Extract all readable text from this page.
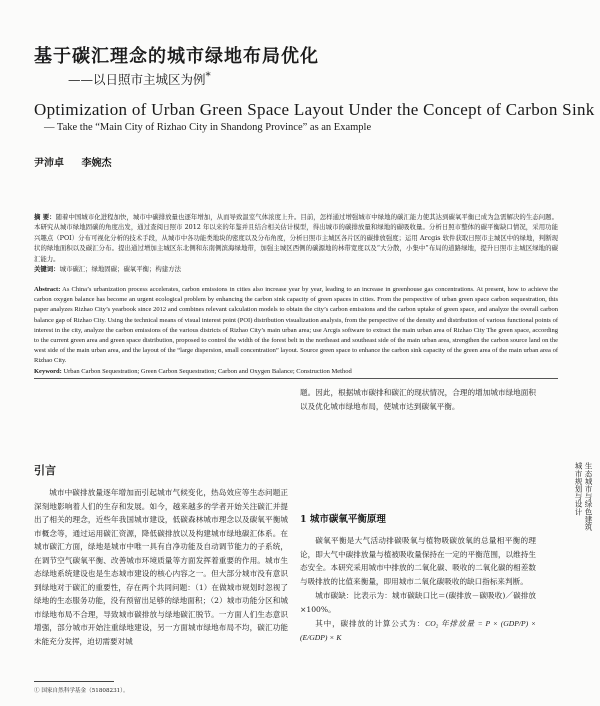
基于碳汇理念的城市绿地布局优化
——以日照市主城区为例*
Optimization of Urban Green Space Layout Under the Concept of Carbon Sink
— Take the “Main City of Rizhao City in Shandong Province” as an Example
尹沛卓 李婉杰
摘 要：随着中国城市化进程加快，城市中碳排放量也逐年增加，从而导致温室气体浓度上升。目前，怎样通过增强城市中绿地的碳汇能力使其达到碳氧平衡已成为急需解决的生态问题。本研究从城市绿地固碳的角度出发，通过查阅日照市 2012 年以来的年鉴并且结合相关估计模型，得出城市的碳排放量和绿地的碳吸收量。分析日照市整体的碳平衡缺口情况，采用功能兴趣点（POI）分布可视化分析的技术手段，从城市中各功能类地块的密度以及分布角度，分析日照市主城区各片区的碳排放强度；运用 Arcgis 软件获取日照市主城区中的绿地，判断现状的绿地面积以及碳汇分布。提出通过增加主城区东北侧和东南侧滨海绿地带，加强主城区西侧的碳源地的林带宽度以及“大分散，小集中”布局的道路绿地，提升日照市主城区绿地的碳汇能力。
关键词：城市碳汇；绿地固碳；碳氧平衡；构建方法
Abstract: As China’s urbanization process accelerates, carbon emissions in cities also increase year by year, leading to an increase in greenhouse gas concentrations. At present, how to achieve the carbon oxygen balance has become an urgent ecological problem by enhancing the carbon sink capacity of green spaces in cities. From the perspective of urban green space carbon sequestration, this paper analyzes Rizhao City’s yearbook since 2012 and combines relevant calculation models to obtain the city’s carbon emissions and the carbon uptake of green space, and analyze the overall carbon balance gap of Rizhao City. Using the technical means of visual interest point (POI) distribution visualization analysis, from the perspective of the density and distribution of various functional points of interest in the city, analyze the carbon emissions of the various districts of Rizhao City’s main urban area; use Arcgis software to extract the main urban area of Rizhao City The green space, according to the current green area and green space distribution, proposed to control the width of the forest belt in the northeast and southeast side of the main urban area, strengthen the carbon source land on the west side of the main urban area, and the layout of the “large dispersion, small concentration” layout. Source green space to enhance the carbon sink capacity of the green area of the main urban area of Rizhao City.
Keyword: Urban Carbon Sequestration; Green Carbon Sequestration; Carbon and Oxygen Balance; Construction Method
引言
城市中碳排放量逐年增加而引起城市气候变化，热岛效应等生态问题正深刻地影响着人们的生存和发展。如今，越来越多的学者开始关注碳汇并提出了相关的理念，近些年我国城市建设，低碳森林城市理念以及碳氧平衡城市概念等，通过运用碳汇资源，降低碳排放以及构建城市绿地碳汇体系。在城市碳汇方面，绿地是城市中唯一具有自净功能及自动调节能力的子系统，在调节空气碳氧平衡、改善城市环境质量等方面发挥着重要的作用。城市生态绿地系统建设也是生态城市建设的核心内容之一。但大部分城市没有意识到绿地对于碳汇的重要性，存在两个共同问题：（1）在做城市规划时忽视了绿地的生态服务功能，没有预留出足够的绿地面积；（2）城市功能分区和城市绿地布局不合理，导致城市碳排放与绿地碳汇脱节。一方面人们生态意识增强，部分城市开始注重绿地建设，另一方面城市绿地布局不均，碳汇功能未能充分发挥，迫切需要对城
① 国家自然科学基金（51808231）。
题。因此，根据城市碳排和碳汇的现状情况，合理的增加城市绿地面积以及优化城市绿地布局，使城市达到碳氧平衡。
1 城市碳氧平衡原理

碳氧平衡是大气活动排碳吸氧与植物吸碳放氧的总量相平衡的理论，即大气中碳排放量与植被吸收量保持在一定的平衡范围，以维持生态安全。本研究采用城市中排放的二氧化碳、吸收的二氧化碳的相差数与吸排放的比值来衡量，即用城市二氧化碳吸收的缺口指标来判断。

城市碳缺：比表示为：城市碳缺口比＝(碳排放－碳吸收)／碳排放×100%。

其中，碳排放的计算公式为：CO₂ 年排放量 = P × (GDP/P) × (E/GDP) × K

生态城市与绿色建筑
城市规划与设计
